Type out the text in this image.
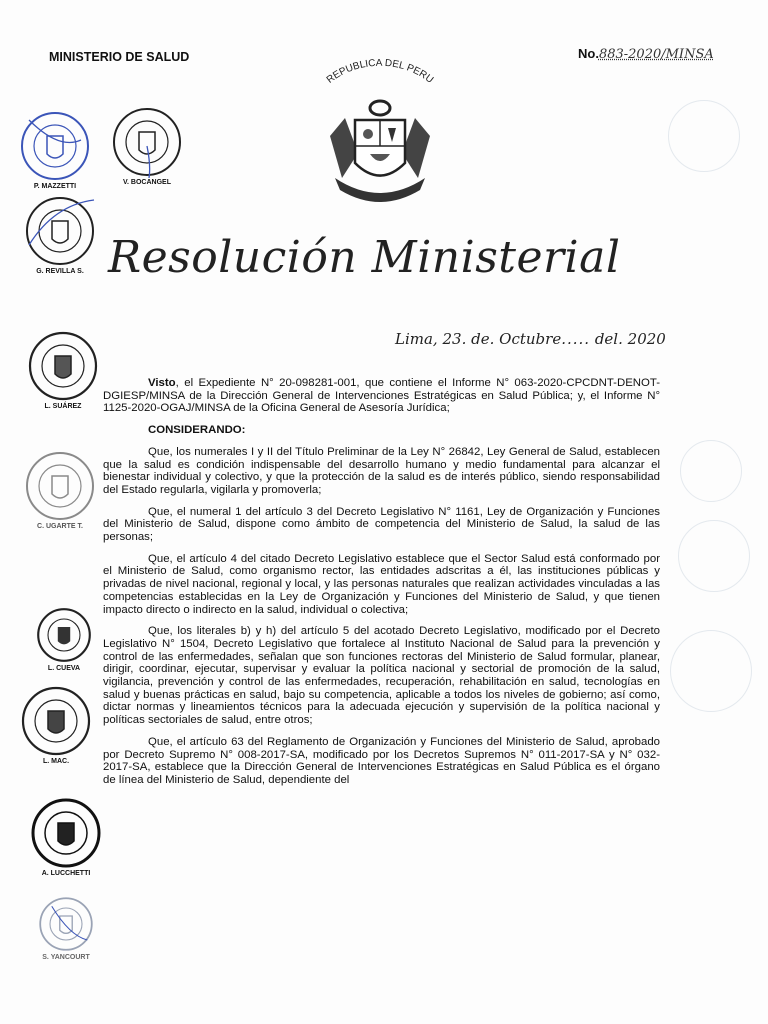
MINISTERIO DE SALUD	No.883-2020/MINSA
REPUBLICA DEL PERU
Resolución Ministerial
Lima, 23. de. Octubre..... del. 2020
P. MAZZETTI
V. BOCANGEL
G. REVILLA S.
L. SUÁREZ
C. UGARTE T.
L. CUEVA
L. MAC.
A. LUCCHETTI
S. YANCOURT

Visto, el Expediente N° 20-098281-001, que contiene el Informe N° 063-2020-CPCDNT-DENOT-DGIESP/MINSA de la Dirección General de Intervenciones Estratégicas en Salud Pública; y, el Informe N° 1125-2020-OGAJ/MINSA de la Oficina General de Asesoría Jurídica;

CONSIDERANDO:

Que, los numerales I y II del Título Preliminar de la Ley N° 26842, Ley General de Salud, establecen que la salud es condición indispensable del desarrollo humano y medio fundamental para alcanzar el bienestar individual y colectivo, y que la protección de la salud es de interés público, siendo responsabilidad del Estado regularla, vigilarla y promoverla;

Que, el numeral 1 del artículo 3 del Decreto Legislativo N° 1161, Ley de Organización y Funciones del Ministerio de Salud, dispone como ámbito de competencia del Ministerio de Salud, la salud de las personas;

Que, el artículo 4 del citado Decreto Legislativo establece que el Sector Salud está conformado por el Ministerio de Salud, como organismo rector, las entidades adscritas a él, las instituciones públicas y privadas de nivel nacional, regional y local, y las personas naturales que realizan actividades vinculadas a las competencias establecidas en la Ley de Organización y Funciones del Ministerio de Salud, y que tienen impacto directo o indirecto en la salud, individual o colectiva;

Que, los literales b) y h) del artículo 5 del acotado Decreto Legislativo, modificado por el Decreto Legislativo N° 1504, Decreto Legislativo que fortalece al Instituto Nacional de Salud para la prevención y control de las enfermedades, señalan que son funciones rectoras del Ministerio de Salud formular, planear, dirigir, coordinar, ejecutar, supervisar y evaluar la política nacional y sectorial de promoción de la salud, vigilancia, prevención y control de las enfermedades, recuperación, rehabilitación en salud, tecnologías en salud y buenas prácticas en salud, bajo su competencia, aplicable a todos los niveles de gobierno; así como, dictar normas y lineamientos técnicos para la adecuada ejecución y supervisión de la política nacional y políticas sectoriales de salud, entre otros;

Que, el artículo 63 del Reglamento de Organización y Funciones del Ministerio de Salud, aprobado por Decreto Supremo N° 008-2017-SA, modificado por los Decretos Supremos N° 011-2017-SA y N° 032-2017-SA, establece que la Dirección General de Intervenciones Estratégicas en Salud Pública es el órgano de línea del Ministerio de Salud, dependiente del
